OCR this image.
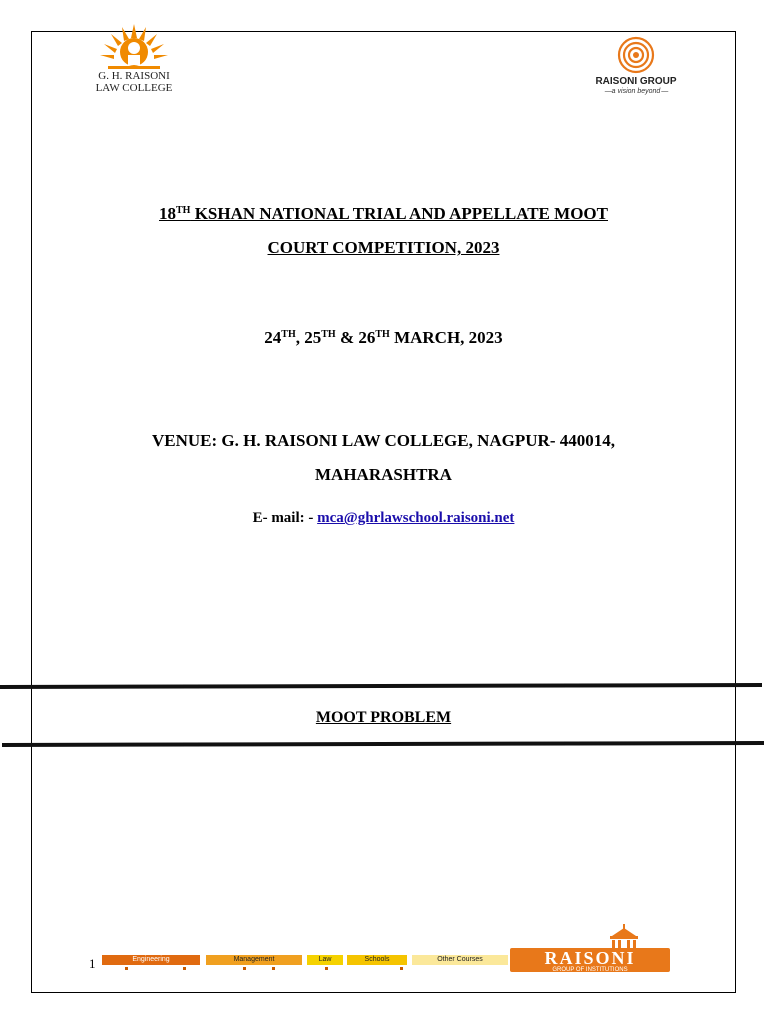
G. H. RAISONI
LAW COLLEGE
RAISONI GROUP
— a vision beyond —
18TH KSHAN NATIONAL TRIAL AND APPELLATE MOOT
COURT COMPETITION, 2023
24TH, 25TH & 26TH MARCH, 2023
VENUE: G. H. RAISONI LAW COLLEGE, NAGPUR- 440014,
MAHARASHTRA
E- mail: - mca@ghrlawschool.raisoni.net
MOOT PROBLEM
1	Engineering	Management	Law	Schools	Other Courses	RAISONI
GROUP OF INSTITUTIONS
